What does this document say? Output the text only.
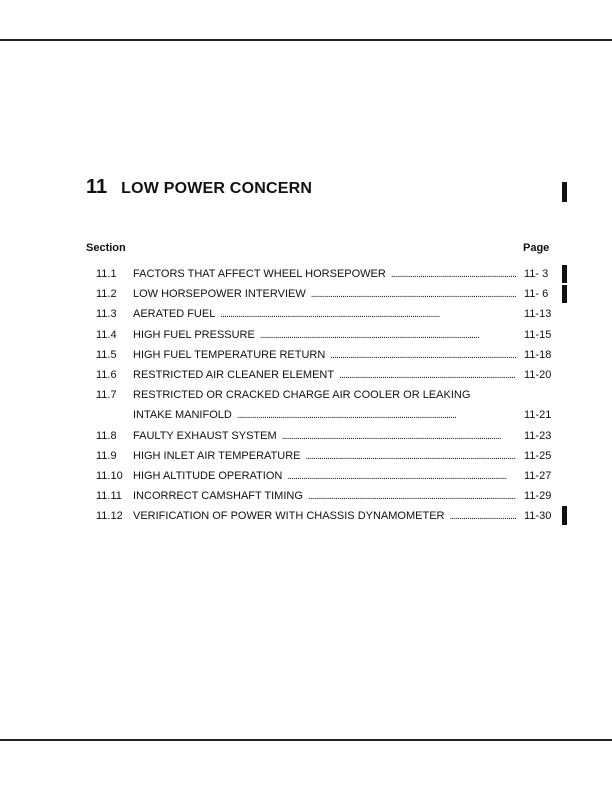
11 LOW POWER CONCERN
Section	Page
11.1	FACTORS THAT AFFECT WHEEL HORSEPOWER . . .	11- 3
11.2	LOW HORSEPOWER INTERVIEW . . .	11- 6
11.3	AERATED FUEL . . .	11-13
11.4	HIGH FUEL PRESSURE . . .	11-15
11.5	HIGH FUEL TEMPERATURE RETURN . . .	11-18
11.6	RESTRICTED AIR CLEANER ELEMENT . . .	11-20
11.7	RESTRICTED OR CRACKED CHARGE AIR COOLER OR LEAKING
INTAKE MANIFOLD . . .	11-21
11.8	FAULTY EXHAUST SYSTEM . . .	11-23
11.9	HIGH INLET AIR TEMPERATURE . . .	11-25
11.10 HIGH ALTITUDE OPERATION . . .	11-27
11.11	INCORRECT CAMSHAFT TIMING . . .	11-29
11.12 VERIFICATION OF POWER WITH CHASSIS DYNAMOMETER . . .	11-30
